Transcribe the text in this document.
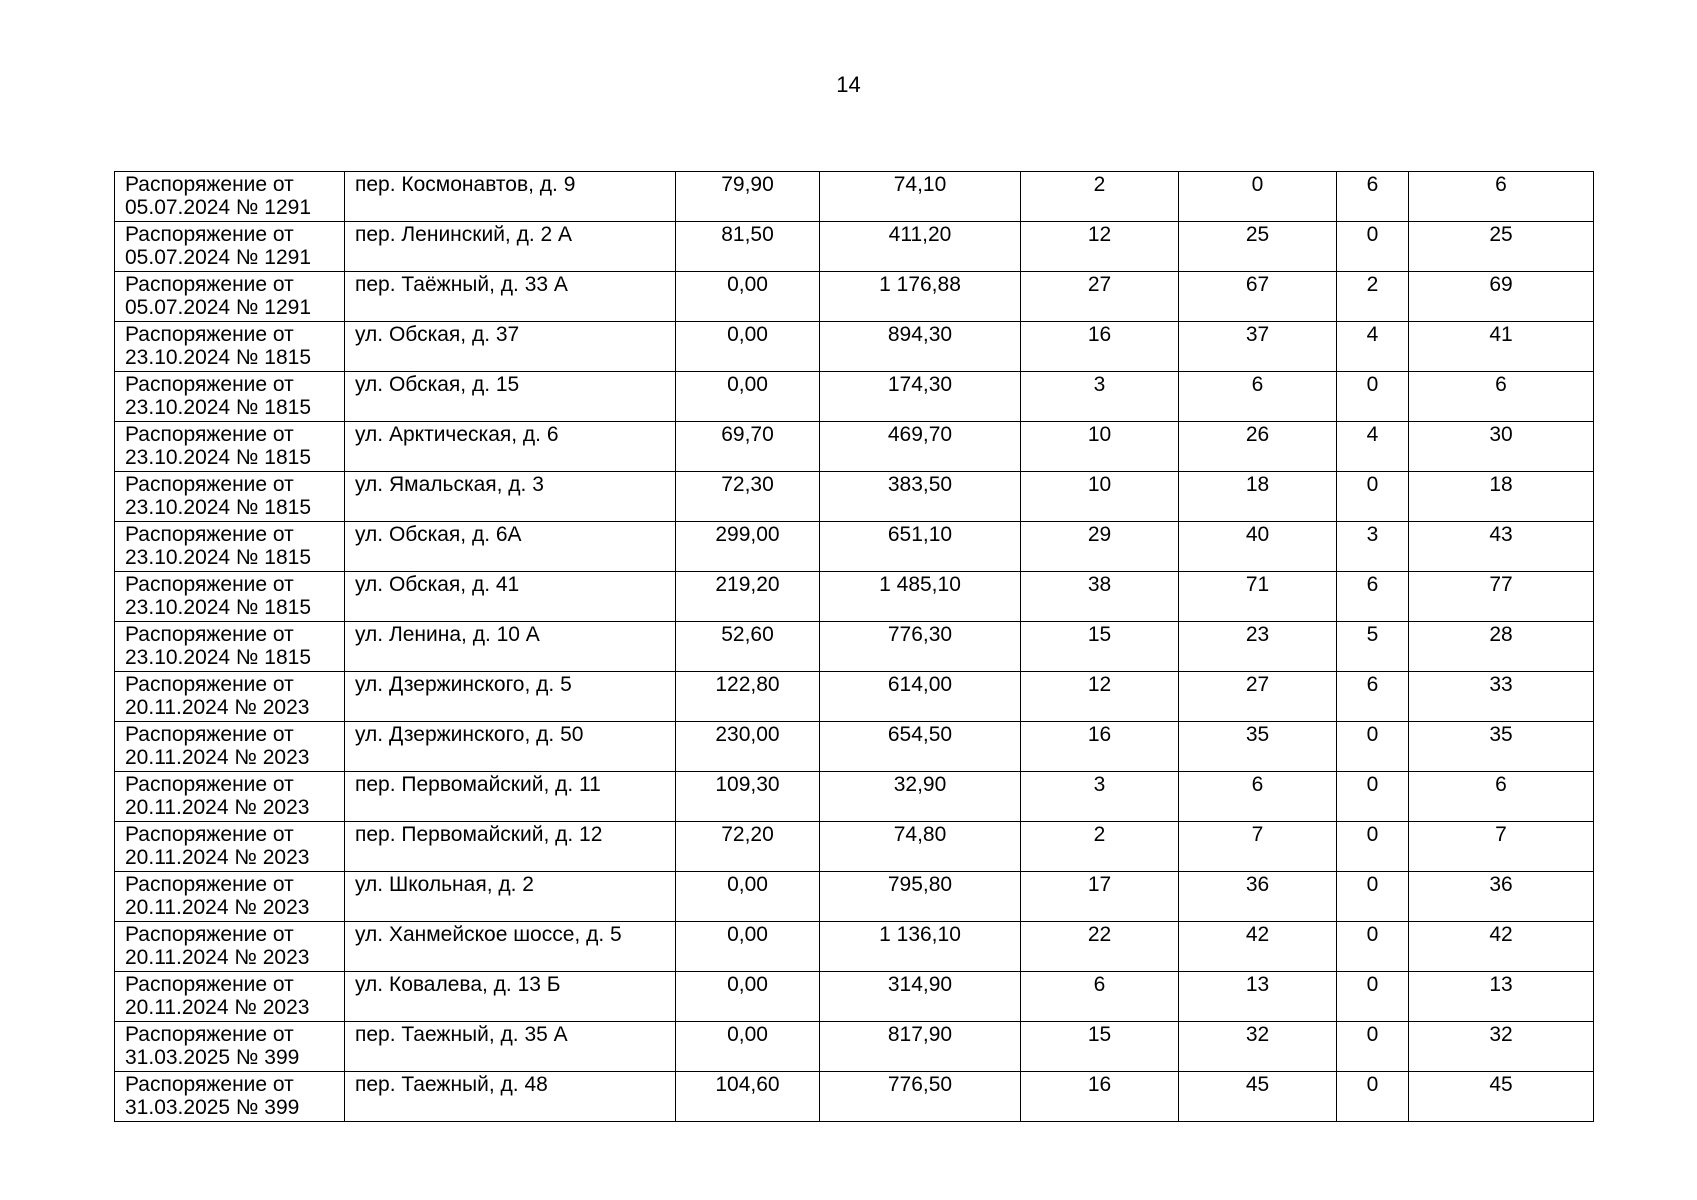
14
Распоряжение от 05.07.2024 № 1291	пер. Космонавтов, д. 9	79,90	74,10	2	0	6	6
Распоряжение от 05.07.2024 № 1291	пер. Ленинский, д. 2 А	81,50	411,20	12	25	0	25
Распоряжение от 05.07.2024 № 1291	пер. Таёжный, д. 33 А	0,00	1 176,88	27	67	2	69
Распоряжение от 23.10.2024 № 1815	ул. Обская, д. 37	0,00	894,30	16	37	4	41
Распоряжение от 23.10.2024 № 1815	ул. Обская, д. 15	0,00	174,30	3	6	0	6
Распоряжение от 23.10.2024 № 1815	ул. Арктическая, д. 6	69,70	469,70	10	26	4	30
Распоряжение от 23.10.2024 № 1815	ул. Ямальская, д. 3	72,30	383,50	10	18	0	18
Распоряжение от 23.10.2024 № 1815	ул. Обская, д. 6А	299,00	651,10	29	40	3	43
Распоряжение от 23.10.2024 № 1815	ул. Обская, д. 41	219,20	1 485,10	38	71	6	77
Распоряжение от 23.10.2024 № 1815	ул. Ленина, д. 10 А	52,60	776,30	15	23	5	28
Распоряжение от 20.11.2024 № 2023	ул. Дзержинского, д. 5	122,80	614,00	12	27	6	33
Распоряжение от 20.11.2024 № 2023	ул. Дзержинского, д. 50	230,00	654,50	16	35	0	35
Распоряжение от 20.11.2024 № 2023	пер. Первомайский, д. 11	109,30	32,90	3	6	0	6
Распоряжение от 20.11.2024 № 2023	пер. Первомайский, д. 12	72,20	74,80	2	7	0	7
Распоряжение от 20.11.2024 № 2023	ул. Школьная, д. 2	0,00	795,80	17	36	0	36
Распоряжение от 20.11.2024 № 2023	ул. Ханмейское шоссе, д. 5	0,00	1 136,10	22	42	0	42
Распоряжение от 20.11.2024 № 2023	ул. Ковалева, д. 13 Б	0,00	314,90	6	13	0	13
Распоряжение от 31.03.2025 № 399	пер. Таежный, д. 35 А	0,00	817,90	15	32	0	32
Распоряжение от 31.03.2025 № 399	пер. Таежный, д. 48	104,60	776,50	16	45	0	45
